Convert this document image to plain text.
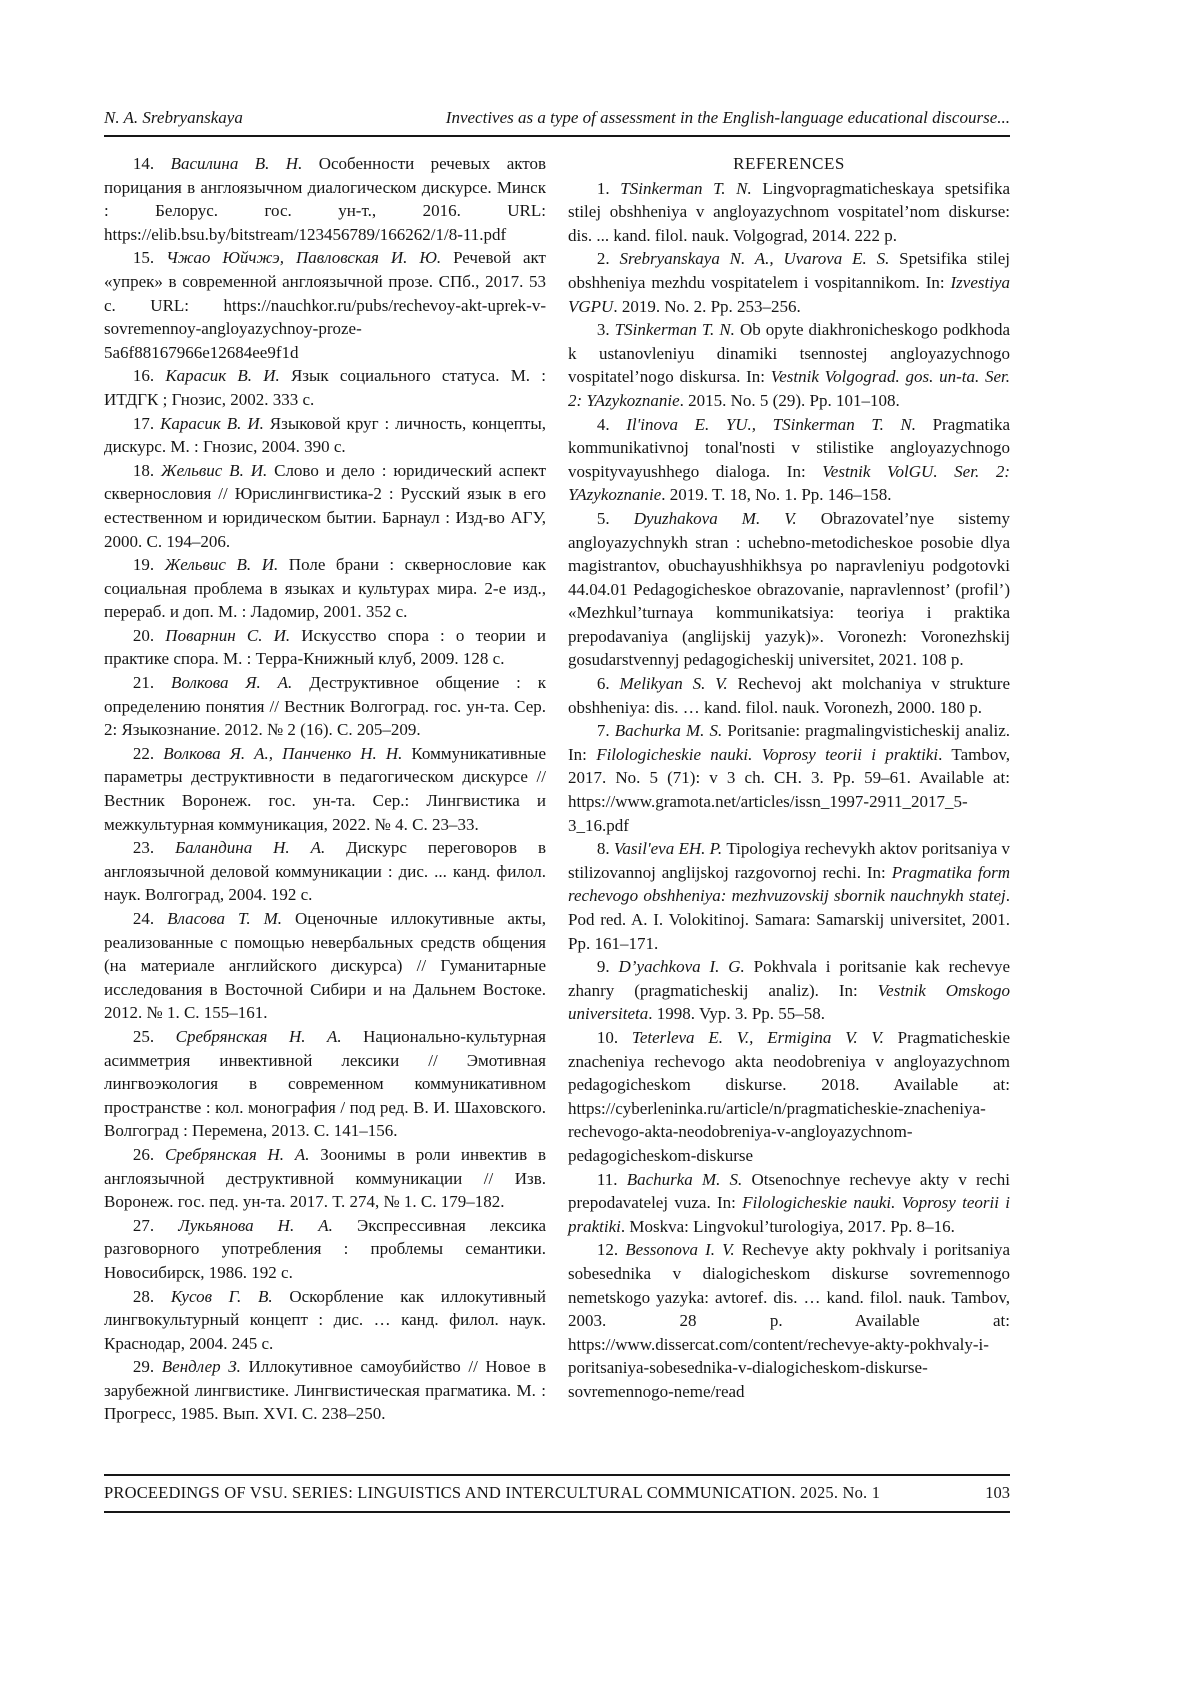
N. A. Srebryanskaya	Invectives as a type of assessment in the English-language educational discourse...

14. Василина В. Н. Особенности речевых актов порицания в англоязычном диалогическом дискурсе. Минск : Белорус. гос. ун-т., 2016. URL: https://elib.bsu.by/bitstream/123456789/166262/1/8-11.pdf

15. Чжао Юйчжэ, Павловская И. Ю. Речевой акт «упрек» в современной англоязычной прозе. СПб., 2017. 53 с. URL: https://nauchkor.ru/pubs/rechevoy-akt-uprek-v-sovremennoy-angloyazychnoy-proze-5a6f88167966e12684ee9f1d

16. Карасик В. И. Язык социального статуса. М. : ИТДГК ; Гнозис, 2002. 333 с.

17. Карасик В. И. Языковой круг : личность, концепты, дискурс. М. : Гнозис, 2004. 390 с.

18. Жельвис В. И. Слово и дело : юридический аспект сквернословия // Юрислингвистика-2 : Русский язык в его естественном и юридическом бытии. Барнаул : Изд-во АГУ, 2000. С. 194–206.

19. Жельвис В. И. Поле брани : сквернословие как социальная проблема в языках и культурах мира. 2-е изд., перераб. и доп. М. : Ладомир, 2001. 352 с.

20. Поварнин С. И. Искусство спора : о теории и практике спора. М. : Терра-Книжный клуб, 2009. 128 с.

21. Волкова Я. А. Деструктивное общение : к определению понятия // Вестник Волгоград. гос. ун-та. Сер. 2: Языкознание. 2012. № 2 (16). С. 205–209.

22. Волкова Я. А., Панченко Н. Н. Коммуникативные параметры деструктивности в педагогическом дискурсе // Вестник Воронеж. гос. ун-та. Сер.: Лингвистика и межкультурная коммуникация, 2022. № 4. С. 23–33.

23. Баландина Н. А. Дискурс переговоров в англоязычной деловой коммуникации : дис. ... канд. филол. наук. Волгоград, 2004. 192 с.

24. Власова Т. М. Оценочные иллокутивные акты, реализованные с помощью невербальных средств общения (на материале английского дискурса) // Гуманитарные исследования в Восточной Сибири и на Дальнем Востоке. 2012. № 1. С. 155–161.

25. Сребрянская Н. А. Национально-культурная асимметрия инвективной лексики // Эмотивная лингвоэкология в современном коммуникативном пространстве : кол. монография / под ред. В. И. Шаховского. Волгоград : Перемена, 2013. С. 141–156.

26. Сребрянская Н. А. Зоонимы в роли инвектив в англоязычной деструктивной коммуникации // Изв. Воронеж. гос. пед. ун-та. 2017. Т. 274, № 1. С. 179–182.

27. Лукьянова Н. А. Экспрессивная лексика разговорного употребления : проблемы семантики. Новосибирск, 1986. 192 с.

28. Кусов Г. В. Оскорбление как иллокутивный лингвокультурный концепт : дис. … канд. филол. наук. Краснодар, 2004. 245 с.

29. Вендлер З. Иллокутивное самоубийство // Новое в зарубежной лингвистике. Лингвистическая прагматика. М. : Прогресс, 1985. Вып. XVI. С. 238–250.

REFERENCES

1. TSinkerman T. N. Lingvopragmaticheskaya spetsifika stilej obshheniya v angloyazychnom vospitatel’nom diskurse: dis. ... kand. filol. nauk. Volgograd, 2014. 222 p.

2. Srebryanskaya N. A., Uvarova E. S. Spetsifika stilej obshheniya mezhdu vospitatelem i vospitannikom. In: Izvestiya VGPU. 2019. No. 2. Pp. 253–256.

3. TSinkerman T. N. Ob opyte diakhronicheskogo podkhoda k ustanovleniyu dinamiki tsennostej angloyazychnogo vospitatel’nogo diskursa. In: Vestnik Volgograd. gos. un-ta. Ser. 2: YAzykoznanie. 2015. No. 5 (29). Pp. 101–108.

4. Il'inova E. YU., TSinkerman T. N. Pragmatika kommunikativnoj tonal'nosti v stilistike angloyazychnogo vospityvayushhego dialoga. In: Vestnik VolGU. Ser. 2: YAzykoznanie. 2019. T. 18, No. 1. Pp. 146–158.

5. Dyuzhakova M. V. Obrazovatel’nye sistemy angloyazychnykh stran : uchebno-metodicheskoe posobie dlya magistrantov, obuchayushhikhsya po napravleniyu podgotovki 44.04.01 Pedagogicheskoe obrazovanie, napravlennost’ (profil’) «Mezhkul’turnaya kommunikatsiya: teoriya i praktika prepodavaniya (anglijskij yazyk)». Voronezh: Voronezhskij gosudarstvennyj pedagogicheskij universitet, 2021. 108 p.

6. Melikyan S. V. Rechevoj akt molchaniya v strukture obshheniya: dis. … kand. filol. nauk. Voronezh, 2000. 180 p.

7. Bachurka M. S. Poritsanie: pragmalingvisticheskij analiz. In: Filologicheskie nauki. Voprosy teorii i praktiki. Tambov, 2017. No. 5 (71): v 3 ch. CH. 3. Pp. 59–61. Available at: https://www.gramota.net/articles/issn_1997-2911_2017_5-3_16.pdf

8. Vasil'eva EH. P. Tipologiya rechevykh aktov poritsaniya v stilizovannoj anglijskoj razgovornoj rechi. In: Pragmatika form rechevogo obshheniya: mezhvuzovskij sbornik nauchnykh statej. Pod red. A. I. Volokitinoj. Samara: Samarskij universitet, 2001. Pp. 161–171.

9. D’yachkova I. G. Pokhvala i poritsanie kak rechevye zhanry (pragmaticheskij analiz). In: Vestnik Omskogo universiteta. 1998. Vyp. 3. Pp. 55–58.

10. Teterleva E. V., Ermigina V. V. Pragmaticheskie znacheniya rechevogo akta neodobreniya v angloyazychnom pedagogicheskom diskurse. 2018. Available at: https://cyberleninka.ru/article/n/pragmaticheskie-znacheniya-rechevogo-akta-neodobreniya-v-angloyazychnom-pedagogicheskom-diskurse

11. Bachurka M. S. Otsenochnye rechevye akty v rechi prepodavatelej vuza. In: Filologicheskie nauki. Voprosy teorii i praktiki. Moskva: Lingvokul’turologiya, 2017. Pp. 8–16.

12. Bessonova I. V. Rechevye akty pokhvaly i poritsaniya sobesednika v dialogicheskom diskurse sovremennogo nemetskogo yazyka: avtoref. dis. … kand. filol. nauk. Tambov, 2003. 28 p. Available at: https://www.dissercat.com/content/rechevye-akty-pokhvaly-i-poritsaniya-sobesednika-v-dialogicheskom-diskurse-sovremennogo-neme/read

PROCEEDINGS OF VSU. SERIES: LINGUISTICS AND INTERCULTURAL COMMUNICATION. 2025. No. 1	103
